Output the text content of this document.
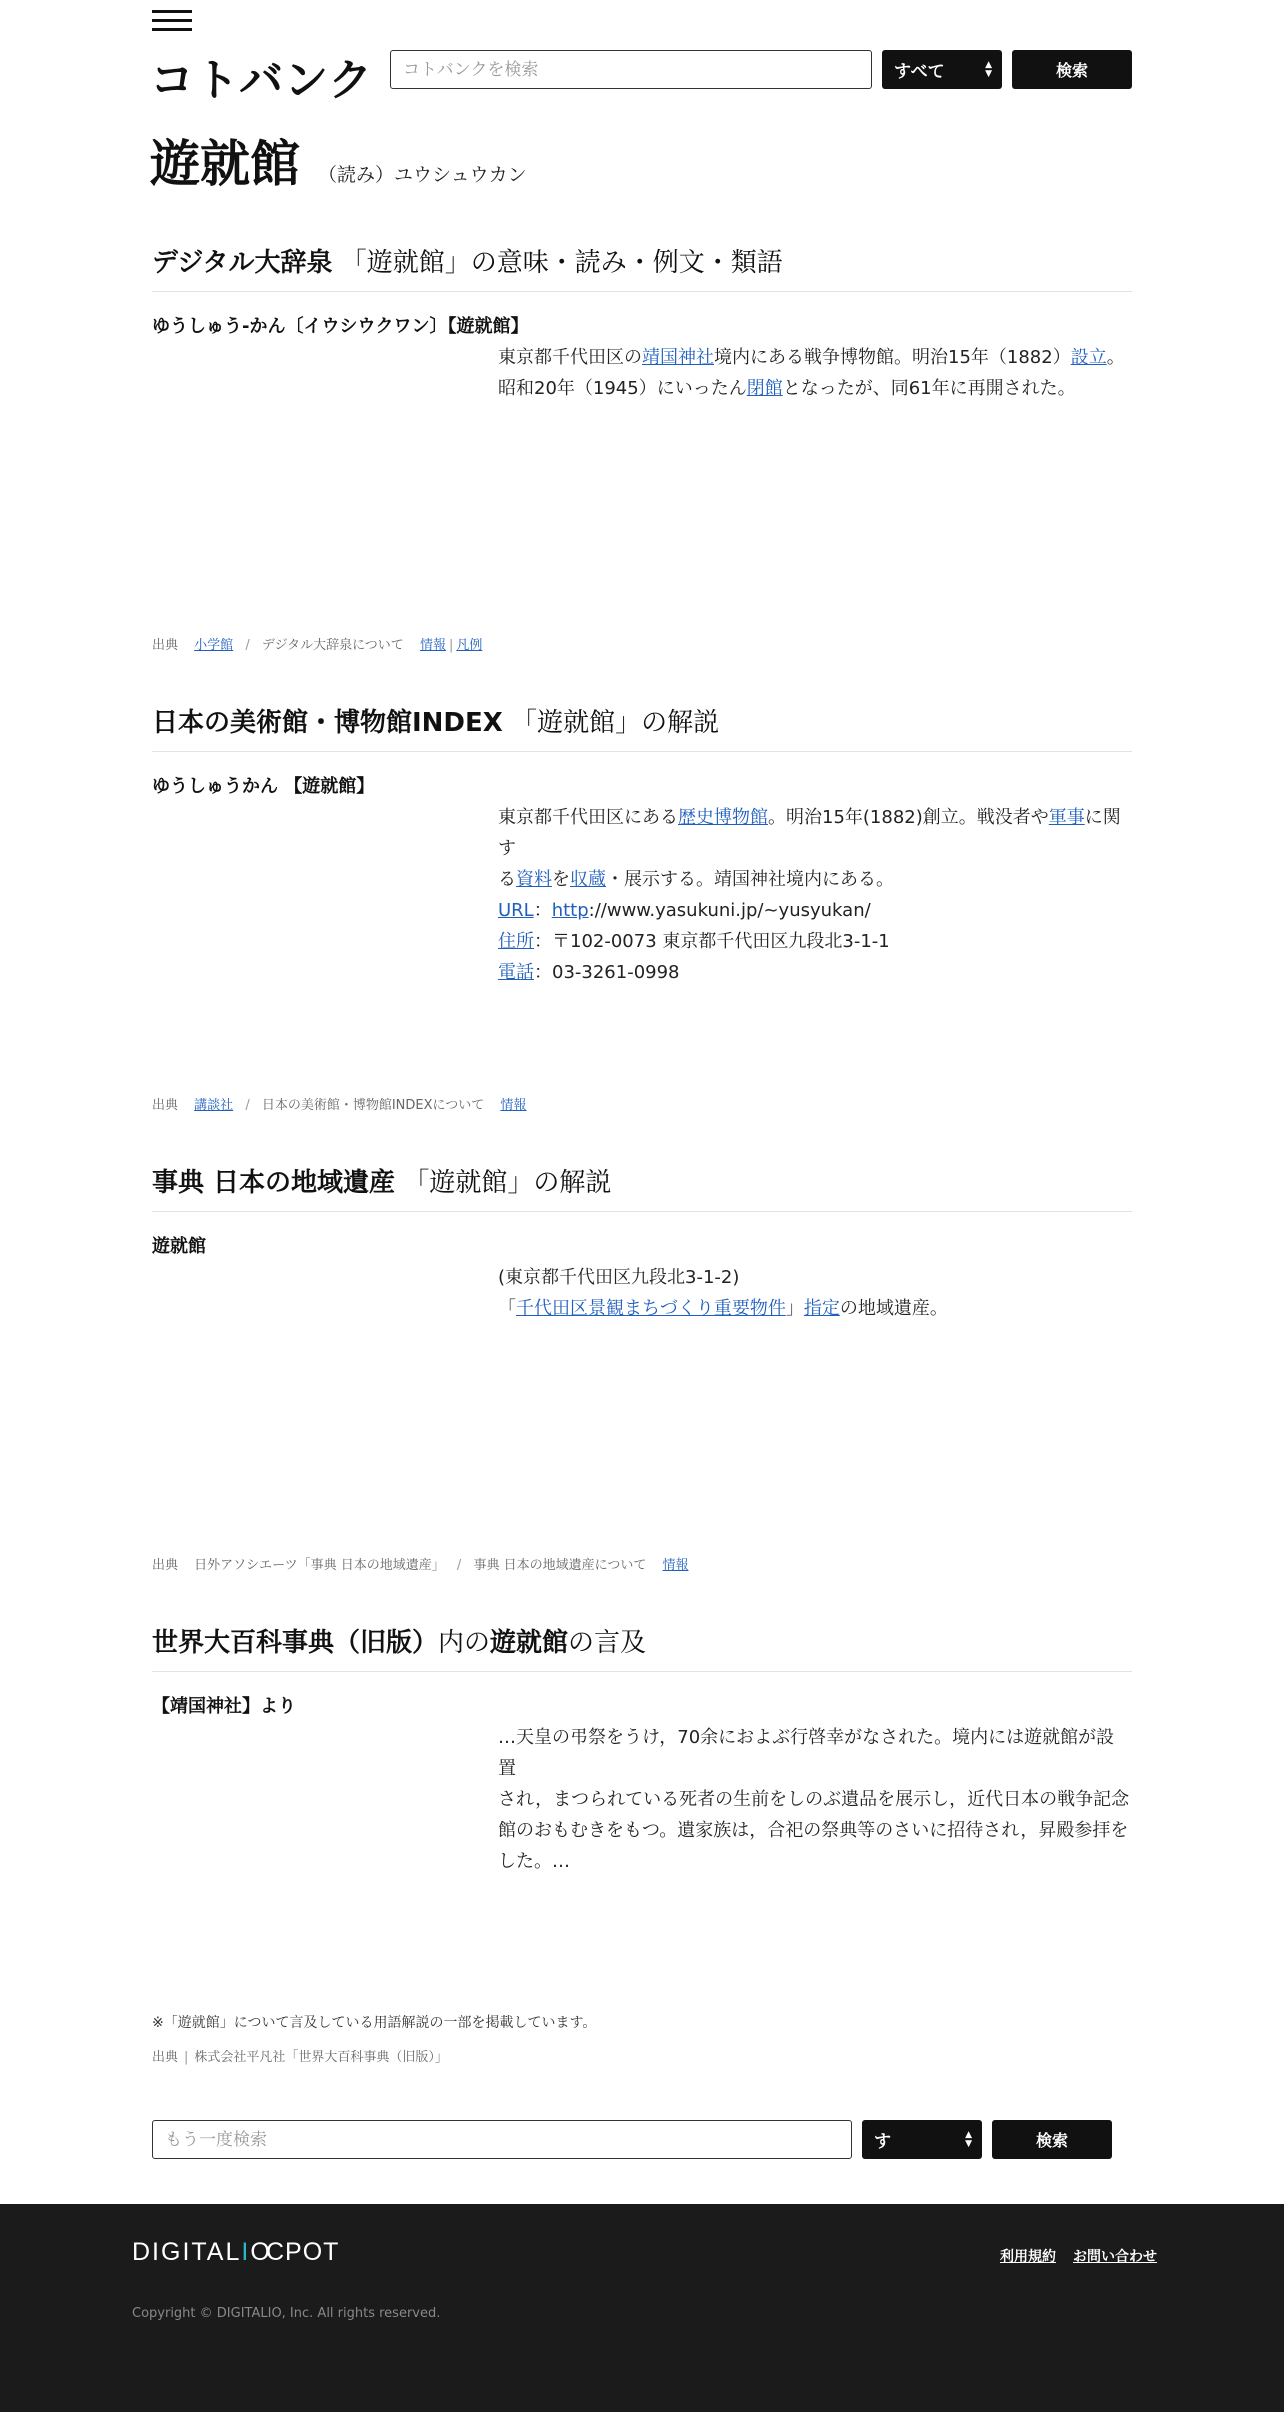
コトバンク
コトバンクを検索	すべて	▲
▼	検索
遊就館 （読み）ユウシュウカン
デジタル大辞泉 「遊就館」の意味・読み・例文・類語
ゆうしゅう‐かん〔イウシウクワン〕【遊就館】
東京都千代田区の靖国神社境内にある戦争博物館。明治15年（1882）設立。
昭和20年（1945）にいったん閉館となったが、同61年に再開された。
出典 小学館 / デジタル大辞泉について 情報 | 凡例
日本の美術館・博物館INDEX 「遊就館」の解説
ゆうしゅうかん 【遊就館】
東京都千代田区にある歴史博物館。明治15年(1882)創立。戦没者や軍事に関す
る資料を収蔵・展示する。靖国神社境内にある。
URL：http://www.yasukuni.jp/~yusyukan/
住所：〒102-0073 東京都千代田区九段北3-1-1
電話：03-3261-0998
出典 講談社 / 日本の美術館・博物館INDEXについて 情報
事典 日本の地域遺産 「遊就館」の解説
遊就館
(東京都千代田区九段北3-1-2)
「千代田区景観まちづくり重要物件」指定の地域遺産。
出典 日外アソシエーツ「事典 日本の地域遺産」 / 事典 日本の地域遺産について 情報
世界大百科事典（旧版）内の遊就館の言及
【靖国神社】より
…天皇の弔祭をうけ，70余におよぶ行啓幸がなされた。境内には遊就館が設置
され，まつられている死者の生前をしのぶ遺品を展示し，近代日本の戦争記念
館のおもむきをもつ。遺家族は，合祀の祭典等のさいに招待され，昇殿参拝を
した。…
※「遊就館」について言及している用語解説の一部を掲載しています。
出典 | 株式会社平凡社「世界大百科事典（旧版）」
もう一度検索
す	▲
▼	検索
DIGITALIO
CPOT	利用規約 お問い合わせ
Copyright © DIGITALIO, Inc. All rights reserved.
